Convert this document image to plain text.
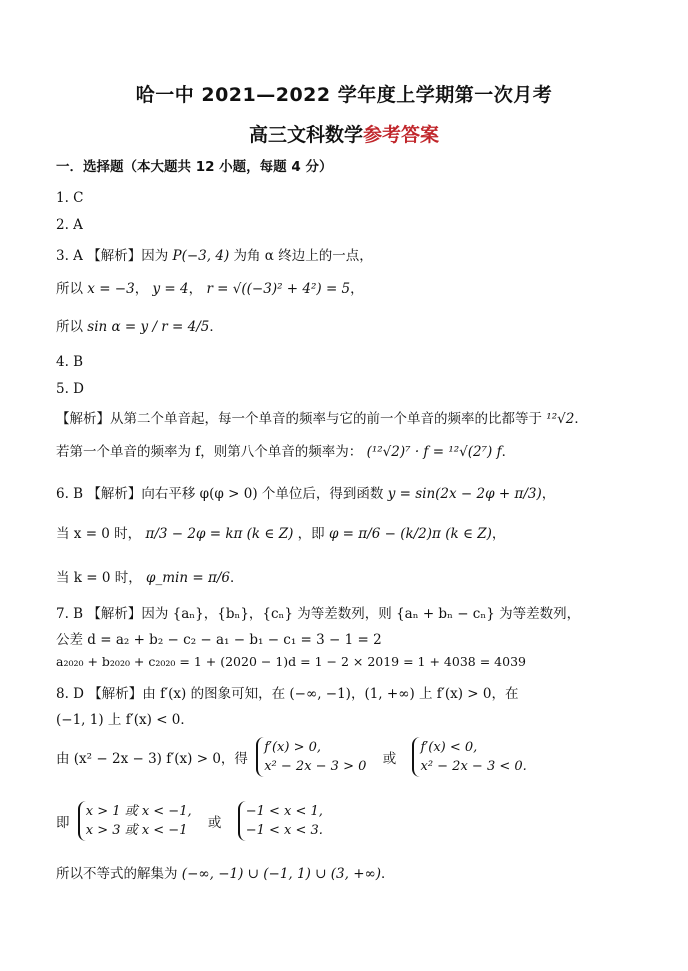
哈一中 2021—2022 学年度上学期第一次月考
高三文科数学参考答案
一．选择题（本大题共 12 小题，每题 4 分）
1. C
2. A
3. A 【解析】因为 P(−3, 4) 为角 α 终边上的一点，
所以 x = −3， y = 4， r = √((−3)² + 4²) = 5，
所以 sin α = y / r = 4/5．
4. B
5. D
【解析】从第二个单音起，每一个单音的频率与它的前一个单音的频率的比都等于 ¹²√2．
若第一个单音的频率为 f，则第八个单音的频率为： (¹²√2)⁷ · f = ¹²√(2⁷) f．
6. B 【解析】向右平移 φ(φ > 0) 个单位后，得到函数 y = sin(2x − 2φ + π/3)，
当 x = 0 时， π/3 − 2φ = kπ (k ∈ Z) ，即 φ = π/6 − (k/2)π (k ∈ Z)，
当 k = 0 时， φ_min = π/6．
7. B 【解析】因为 {aₙ}，{bₙ}，{cₙ} 为等差数列，则 {aₙ + bₙ − cₙ} 为等差数列，
公差 d = a₂ + b₂ − c₂ − a₁ − b₁ − c₁ = 3 − 1 = 2
a₂₀₂₀ + b₂₀₂₀ + c₂₀₂₀ = 1 + (2020 − 1)d = 1 − 2 × 2019 = 1 + 4038 = 4039
8. D 【解析】由 f′(x) 的图象可知，在 (−∞, −1)，(1, +∞) 上 f′(x) > 0，在
(−1, 1) 上 f′(x) < 0．
由 (x² − 2x − 3) f′(x) > 0，得
f′(x) > 0,
x² − 2x − 3 > 0 或
f′(x) < 0,
x² − 2x − 3 < 0.
即
x > 1 或 x < −1,
x > 3 或 x < −1	或
−1 < x < 1,
−1 < x < 3.
所以不等式的解集为 (−∞, −1) ∪ (−1, 1) ∪ (3, +∞)．
